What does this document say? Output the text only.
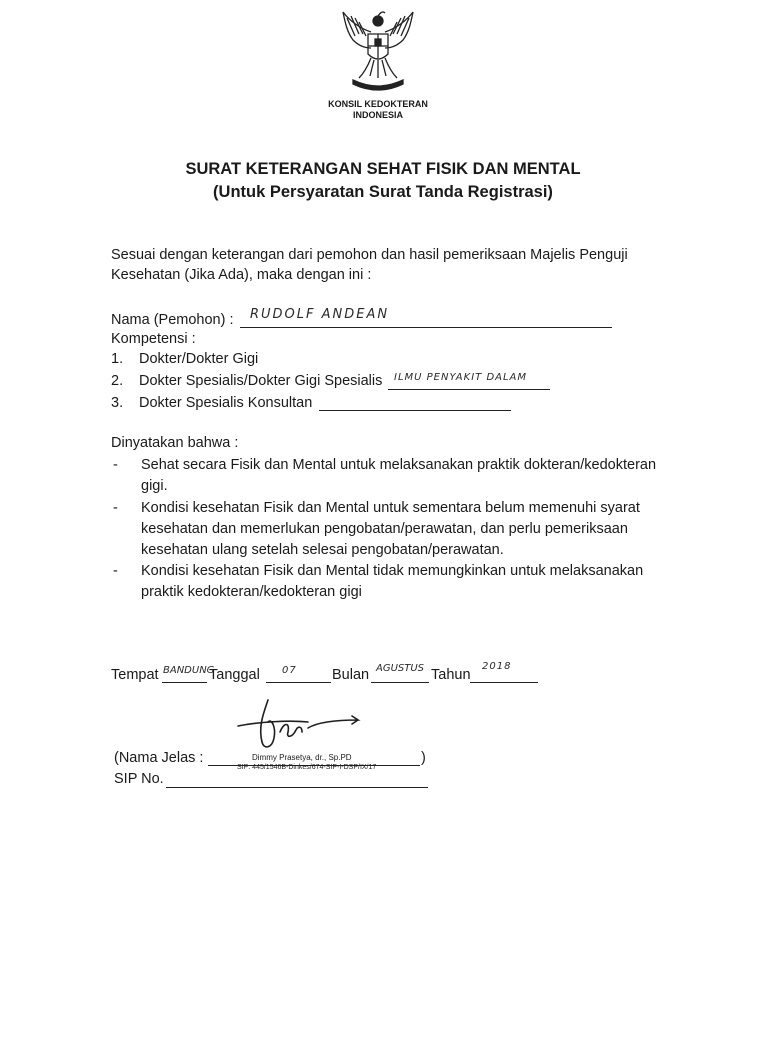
KONSIL KEDOKTERAN
INDONESIA
SURAT KETERANGAN SEHAT FISIK DAN MENTAL
(Untuk Persyaratan Surat Tanda Registrasi)
Sesuai dengan keterangan dari pemohon dan hasil pemeriksaan Majelis Penguji
Kesehatan (Jika Ada), maka dengan ini :
Nama (Pemohon) : RUDOLF ANDEAN
Kompetensi :
1. Dokter/Dokter Gigi
2. Dokter Spesialis/Dokter Gigi Spesialis ILMU PENYAKIT DALAM
3. Dokter Spesialis Konsultan
Dinyatakan bahwa :
- Sehat secara Fisik dan Mental untuk melaksanakan praktik dokteran/kedokteran
gigi.
- Kondisi kesehatan Fisik dan Mental untuk sementara belum memenuhi syarat
kesehatan dan memerlukan pengobatan/perawatan, dan perlu pemeriksaan
kesehatan ulang setelah selesai pengobatan/perawatan.
- Kondisi kesehatan Fisik dan Mental tidak memungkinkan untuk melaksanakan
praktik kedokteran/kedokteran gigi
Tempat BANDUNG
Tanggal 07 Bulan AGUSTUS Tahun
2018
(Nama Jelas :	Dimmy Prasetya, dr., Sp.PD
SIP: 445/1546B-Dinkes/674-SIP-I-DSP/IX/17
)
SIP No.
